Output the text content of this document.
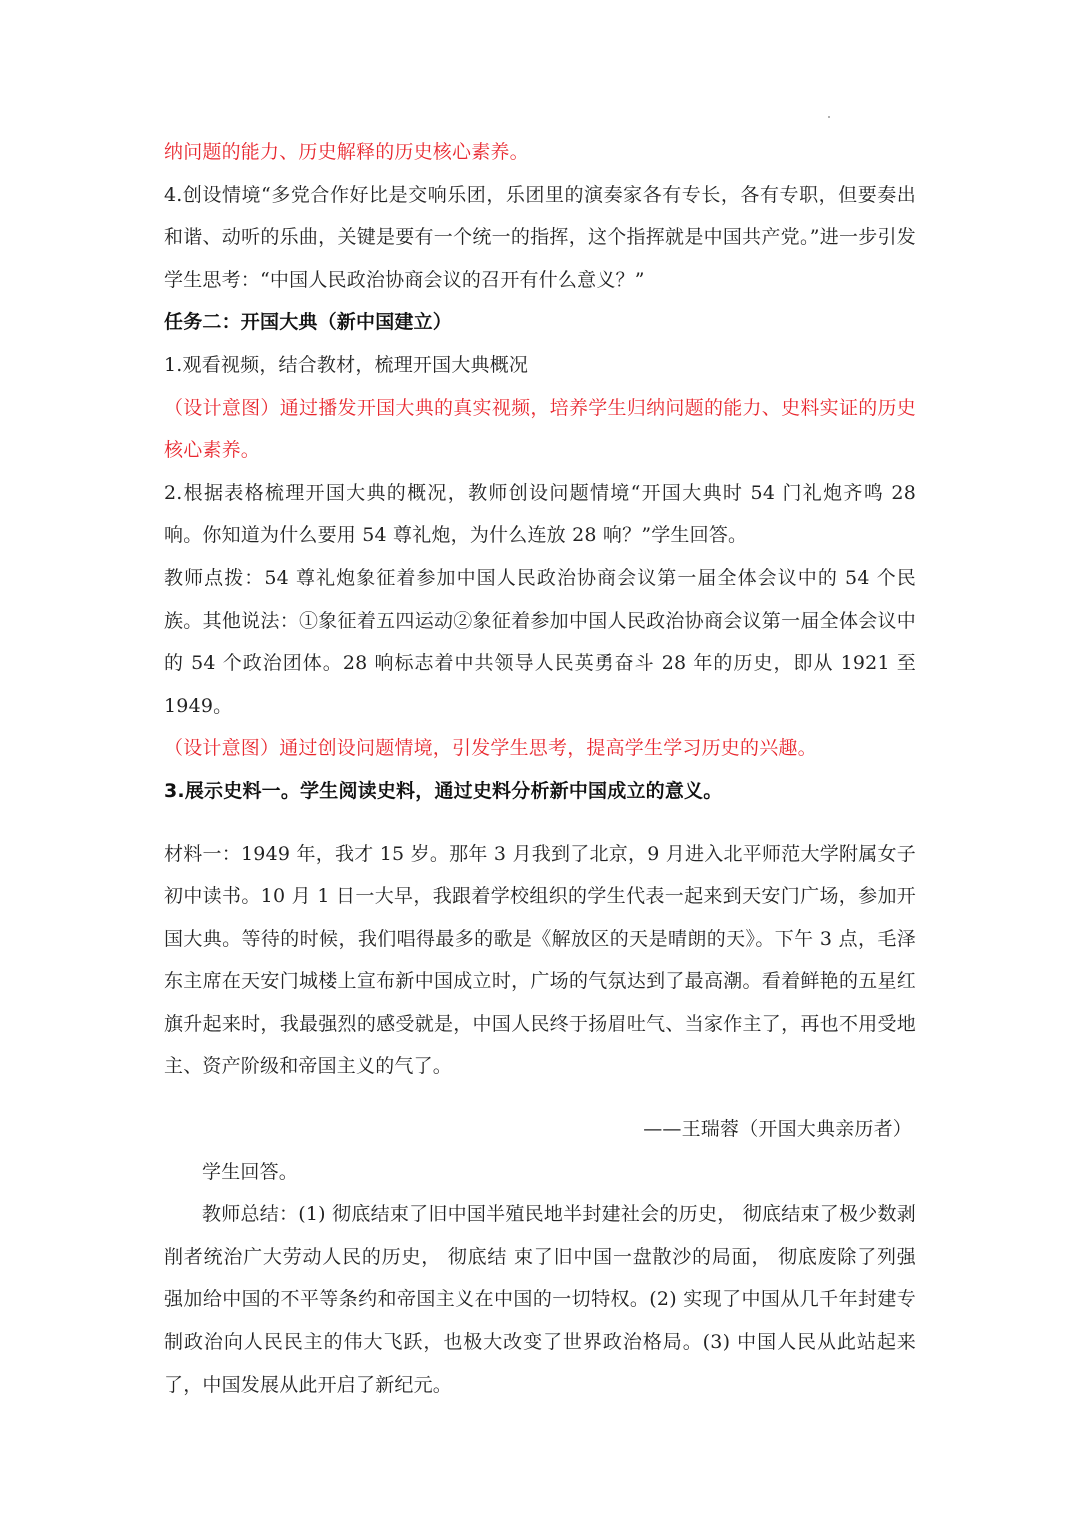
纳问题的能力、历史解释的历史核心素养。

4.创设情境“多党合作好比是交响乐团，乐团里的演奏家各有专长，各有专职，但要奏出和谐、动听的乐曲，关键是要有一个统一的指挥，这个指挥就是中国共产党。”进一步引发学生思考：“中国人民政治协商会议的召开有什么意义？”

任务二：开国大典（新中国建立）

1.观看视频，结合教材，梳理开国大典概况

（设计意图）通过播发开国大典的真实视频，培养学生归纳问题的能力、史料实证的历史核心素养。

2.根据表格梳理开国大典的概况，教师创设问题情境“开国大典时 54 门礼炮齐鸣 28 响。你知道为什么要用 54 尊礼炮，为什么连放 28 响？”学生回答。

教师点拨：54 尊礼炮象征着参加中国人民政治协商会议第一届全体会议中的 54 个民族。其他说法：①象征着五四运动②象征着参加中国人民政治协商会议第一届全体会议中的 54 个政治团体。28 响标志着中共领导人民英勇奋斗 28 年的历史，即从 1921 至 1949。

（设计意图）通过创设问题情境，引发学生思考，提高学生学习历史的兴趣。

3.展示史料一。学生阅读史料，通过史料分析新中国成立的意义。

材料一：1949 年，我才 15 岁。那年 3 月我到了北京，9 月进入北平师范大学附属女子初中读书。10 月 1 日一大早，我跟着学校组织的学生代表一起来到天安门广场，参加开国大典。等待的时候，我们唱得最多的歌是《解放区的天是晴朗的天》。下午 3 点，毛泽东主席在天安门城楼上宣布新中国成立时，广场的气氛达到了最高潮。看着鲜艳的五星红旗升起来时，我最强烈的感受就是，中国人民终于扬眉吐气、当家作主了，再也不用受地主、资产阶级和帝国主义的气了。

——王瑞蓉（开国大典亲历者）

学生回答。

教师总结：(1) 彻底结束了旧中国半殖民地半封建社会的历史， 彻底结束了极少数剥削者统治广大劳动人民的历史， 彻底结 束了旧中国一盘散沙的局面， 彻底废除了列强 强加给中国的不平等条约和帝国主义在中国的一切特权。(2) 实现了中国从几千年封建专制政治向人民民主的伟大飞跃，也极大改变了世界政治格局。(3) 中国人民从此站起来了，中国发展从此开启了新纪元。
